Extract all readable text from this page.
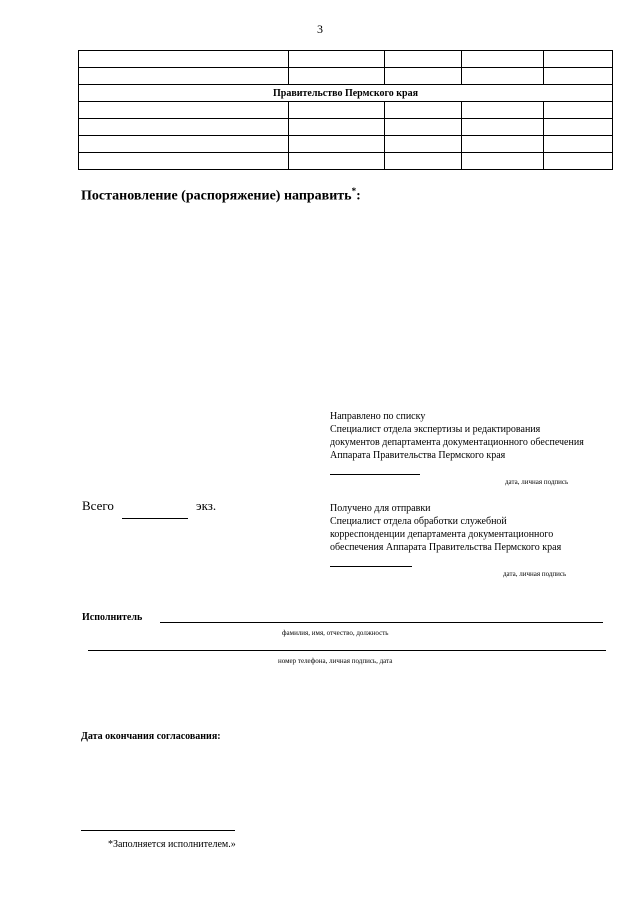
3

Правительство Пермского края				

Постановление (распоряжение) направить*:
Направлено по списку
Специалист отдела экспертизы и редактирования
документов департамента документационного обеспечения
Аппарата Правительства Пермского края
дата, личная подпись
Всего	экз.	Получено для отправки
Специалист отдела обработки служебной
корреспонденции департамента документационного
обеспечения Аппарата Правительства Пермского края
дата, личная подпись
Исполнитель
фамилия, имя, отчество, должность
номер телефона, личная подпись, дата
Дата окончания согласования:
*Заполняется исполнителем.»
